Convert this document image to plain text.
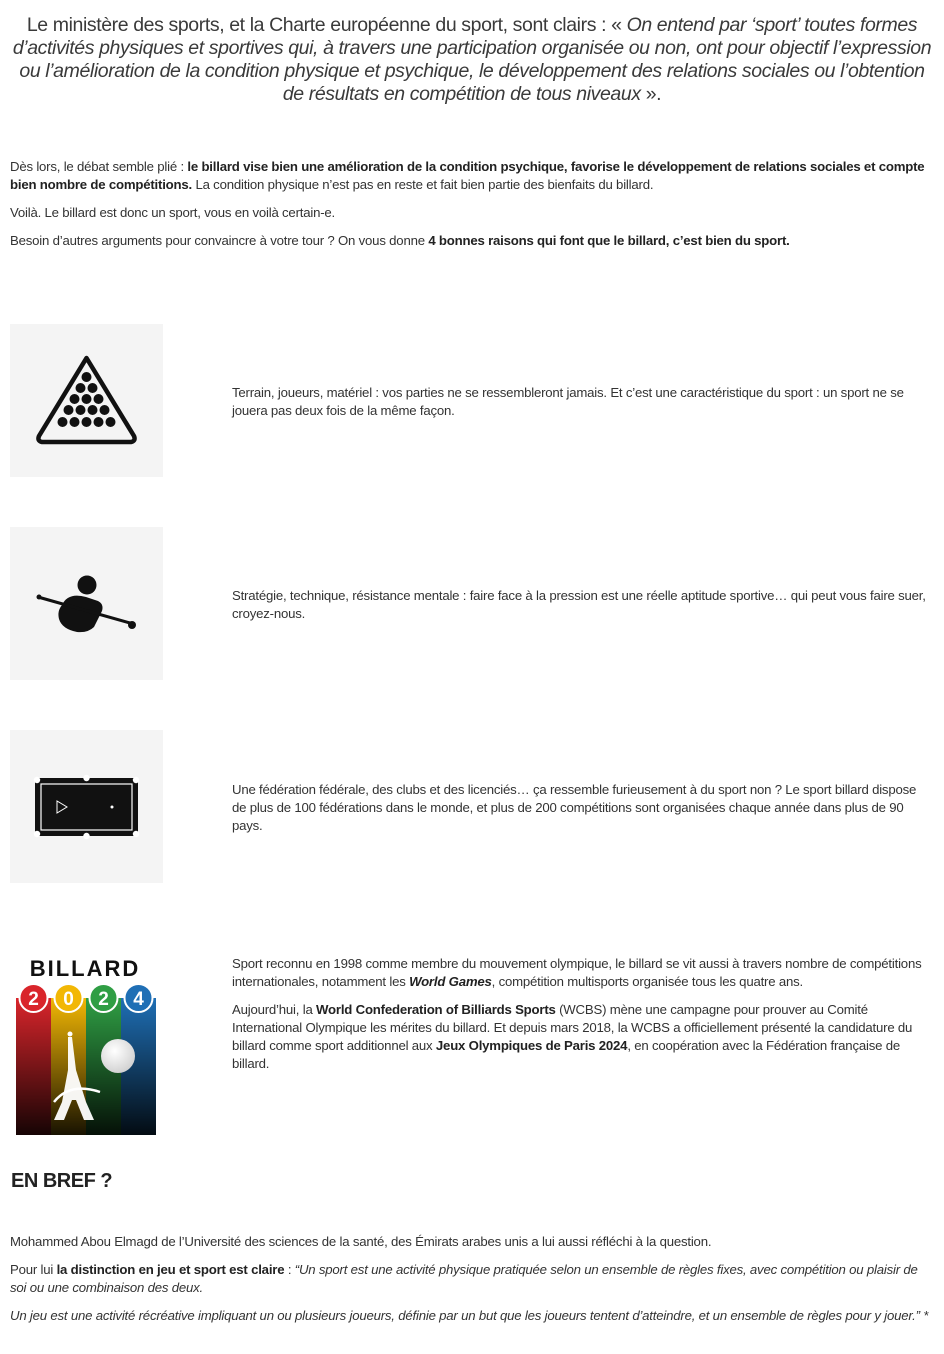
Le ministère des sports, et la Charte européenne du sport, sont clairs : « On entend par ‘sport’ toutes formes d’activités physiques et sportives qui, à travers une participation organisée ou non, ont pour objectif l’expression ou l’amélioration de la condition physique et psychique, le développement des relations sociales ou l’obtention de résultats en compétition de tous niveaux ».

Dès lors, le débat semble plié : le billard vise bien une amélioration de la condition psychique, favorise le développement de relations sociales et compte bien nombre de compétitions. La condition physique n’est pas en reste et fait bien partie des bienfaits du billard.

Voilà. Le billard est donc un sport, vous en voilà certain-e.

Besoin d’autres arguments pour convaincre à votre tour ? On vous donne 4 bonnes raisons qui font que le billard, c’est bien du sport.

Terrain, joueurs, matériel : vos parties ne se ressembleront jamais. Et c’est une caractéristique du sport : un sport ne se jouera pas deux fois de la même façon.

Stratégie, technique, résistance mentale : faire face à la pression est une réelle aptitude sportive… qui peut vous faire suer, croyez-nous.

Une fédération fédérale, des clubs et des licenciés… ça ressemble furieusement à du sport non ? Le sport billard dispose de plus de 100 fédérations dans le monde, et plus de 200 compétitions sont organisées chaque année dans plus de 90 pays.

BILLARD
2 0 2 4

Sport reconnu en 1998 comme membre du mouvement olympique, le billard se vit aussi à travers nombre de compétitions internationales, notamment les World Games, compétition multisports organisée tous les quatre ans.

Aujourd’hui, la World Confederation of Billiards Sports (WCBS) mène une campagne pour prouver au Comité International Olympique les mérites du billard. Et depuis mars 2018, la WCBS a officiellement présenté la candidature du billard comme sport additionnel aux Jeux Olympiques de Paris 2024, en coopération avec la Fédération française de billard.

EN BREF ?

Mohammed Abou Elmagd de l’Université des sciences de la santé, des Émirats arabes unis a lui aussi réfléchi à la question.

Pour lui la distinction en jeu et sport est claire : “Un sport est une activité physique pratiquée selon un ensemble de règles fixes, avec compétition ou plaisir de soi ou une combinaison des deux.

Un jeu est une activité récréative impliquant un ou plusieurs joueurs, définie par un but que les joueurs tentent d’atteindre, et un ensemble de règles pour y jouer.” *
